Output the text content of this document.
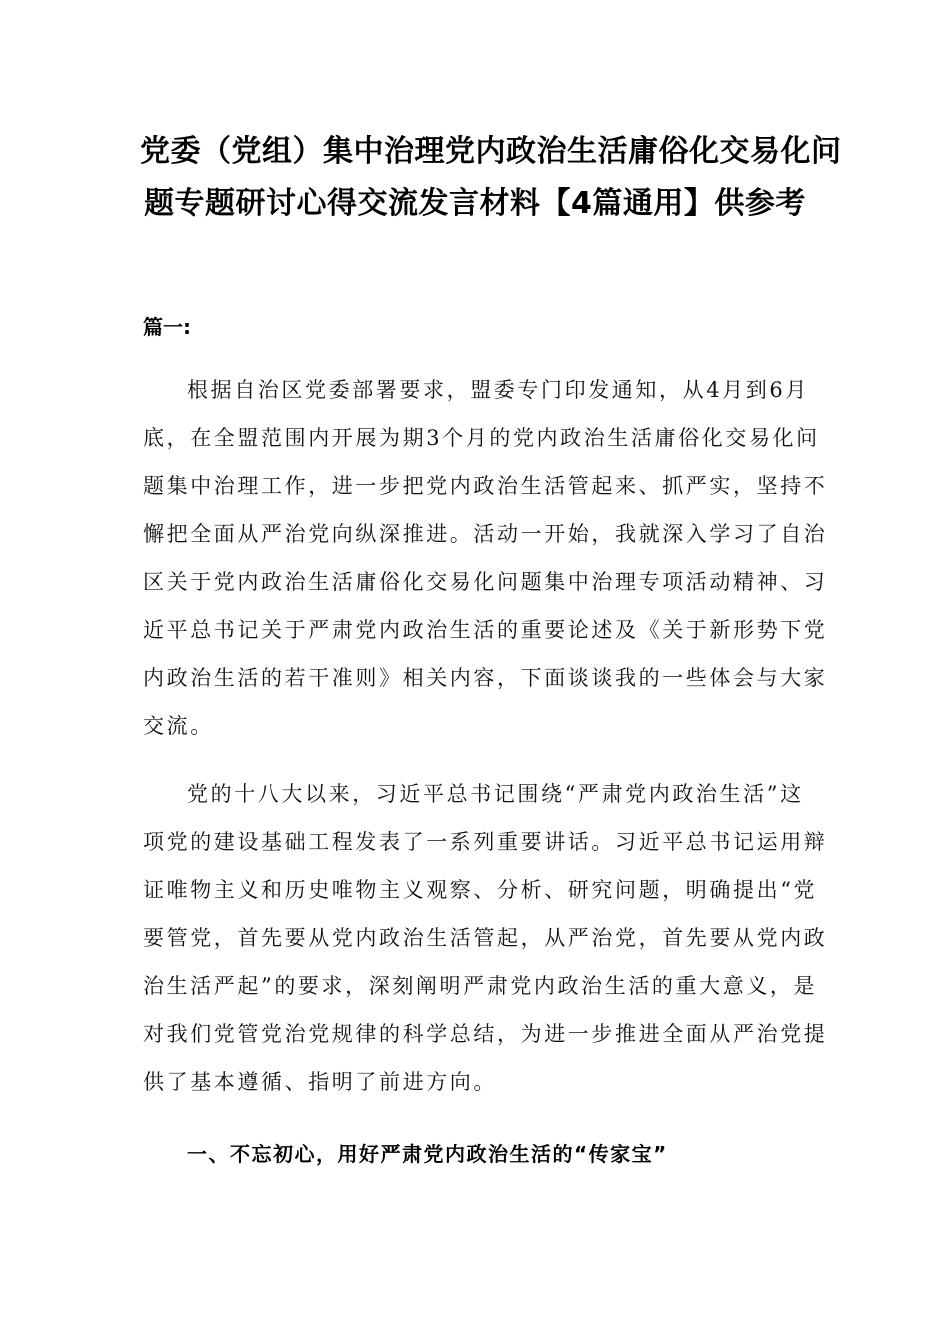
党委（党组）集中治理党内政治生活庸俗化交易化问
题专题研讨心得交流发言材料【4篇通用】供参考
篇一:

根据自治区党委部署要求，盟委专门印发通知，从4月到6月
底，在全盟范围内开展为期3个月的党内政治生活庸俗化交易化问
题集中治理工作，进一步把党内政治生活管起来、抓严实，坚持不
懈把全面从严治党向纵深推进。活动一开始，我就深入学习了自治
区关于党内政治生活庸俗化交易化问题集中治理专项活动精神、习
近平总书记关于严肃党内政治生活的重要论述及《关于新形势下党
内政治生活的若干准则》相关内容，下面谈谈我的一些体会与大家
交流。

党的十八大以来，习近平总书记围绕“严肃党内政治生活”这
项党的建设基础工程发表了一系列重要讲话。习近平总书记运用辩
证唯物主义和历史唯物主义观察、分析、研究问题，明确提出“党
要管党，首先要从党内政治生活管起，从严治党，首先要从党内政
治生活严起”的要求，深刻阐明严肃党内政治生活的重大意义，是
对我们党管党治党规律的科学总结，为进一步推进全面从严治党提
供了基本遵循、指明了前进方向。

一、不忘初心，用好严肃党内政治生活的“传家宝”
